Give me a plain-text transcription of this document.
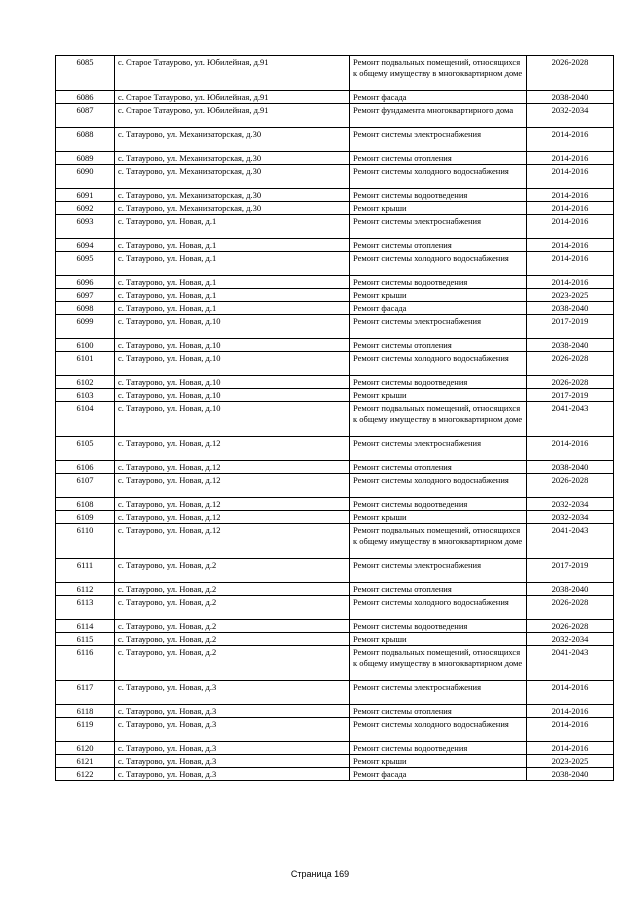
6085	с. Старое Татаурово, ул. Юбилейная, д.91	Ремонт подвальных помещений, относящихся к общему имуществу в многоквартирном доме	2026-2028
6086	с. Старое Татаурово, ул. Юбилейная, д.91	Ремонт фасада	2038-2040
6087	с. Старое Татаурово, ул. Юбилейная, д.91	Ремонт фундамента многоквартирного дома	2032-2034
6088	с. Татаурово, ул. Механизаторская, д.30	Ремонт системы электроснабжения	2014-2016
6089	с. Татаурово, ул. Механизаторская, д.30	Ремонт системы отопления	2014-2016
6090	с. Татаурово, ул. Механизаторская, д.30	Ремонт системы холодного водоснабжения	2014-2016
6091	с. Татаурово, ул. Механизаторская, д.30	Ремонт системы водоотведения	2014-2016
6092	с. Татаурово, ул. Механизаторская, д.30	Ремонт крыши	2014-2016
6093	с. Татаурово, ул. Новая, д.1	Ремонт системы электроснабжения	2014-2016
6094	с. Татаурово, ул. Новая, д.1	Ремонт системы отопления	2014-2016
6095	с. Татаурово, ул. Новая, д.1	Ремонт системы холодного водоснабжения	2014-2016
6096	с. Татаурово, ул. Новая, д.1	Ремонт системы водоотведения	2014-2016
6097	с. Татаурово, ул. Новая, д.1	Ремонт крыши	2023-2025
6098	с. Татаурово, ул. Новая, д.1	Ремонт фасада	2038-2040
6099	с. Татаурово, ул. Новая, д.10	Ремонт системы электроснабжения	2017-2019
6100	с. Татаурово, ул. Новая, д.10	Ремонт системы отопления	2038-2040
6101	с. Татаурово, ул. Новая, д.10	Ремонт системы холодного водоснабжения	2026-2028
6102	с. Татаурово, ул. Новая, д.10	Ремонт системы водоотведения	2026-2028
6103	с. Татаурово, ул. Новая, д.10	Ремонт крыши	2017-2019
6104	с. Татаурово, ул. Новая, д.10	Ремонт подвальных помещений, относящихся к общему имуществу в многоквартирном доме	2041-2043
6105	с. Татаурово, ул. Новая, д.12	Ремонт системы электроснабжения	2014-2016
6106	с. Татаурово, ул. Новая, д.12	Ремонт системы отопления	2038-2040
6107	с. Татаурово, ул. Новая, д.12	Ремонт системы холодного водоснабжения	2026-2028
6108	с. Татаурово, ул. Новая, д.12	Ремонт системы водоотведения	2032-2034
6109	с. Татаурово, ул. Новая, д.12	Ремонт крыши	2032-2034
6110	с. Татаурово, ул. Новая, д.12	Ремонт подвальных помещений, относящихся к общему имуществу в многоквартирном доме	2041-2043
6111	с. Татаурово, ул. Новая, д.2	Ремонт системы электроснабжения	2017-2019
6112	с. Татаурово, ул. Новая, д.2	Ремонт системы отопления	2038-2040
6113	с. Татаурово, ул. Новая, д.2	Ремонт системы холодного водоснабжения	2026-2028
6114	с. Татаурово, ул. Новая, д.2	Ремонт системы водоотведения	2026-2028
6115	с. Татаурово, ул. Новая, д.2	Ремонт крыши	2032-2034
6116	с. Татаурово, ул. Новая, д.2	Ремонт подвальных помещений, относящихся к общему имуществу в многоквартирном доме	2041-2043
6117	с. Татаурово, ул. Новая, д.3	Ремонт системы электроснабжения	2014-2016
6118	с. Татаурово, ул. Новая, д.3	Ремонт системы отопления	2014-2016
6119	с. Татаурово, ул. Новая, д.3	Ремонт системы холодного водоснабжения	2014-2016
6120	с. Татаурово, ул. Новая, д.3	Ремонт системы водоотведения	2014-2016
6121	с. Татаурово, ул. Новая, д.3	Ремонт крыши	2023-2025
6122	с. Татаурово, ул. Новая, д.3	Ремонт фасада	2038-2040
Страница 169
